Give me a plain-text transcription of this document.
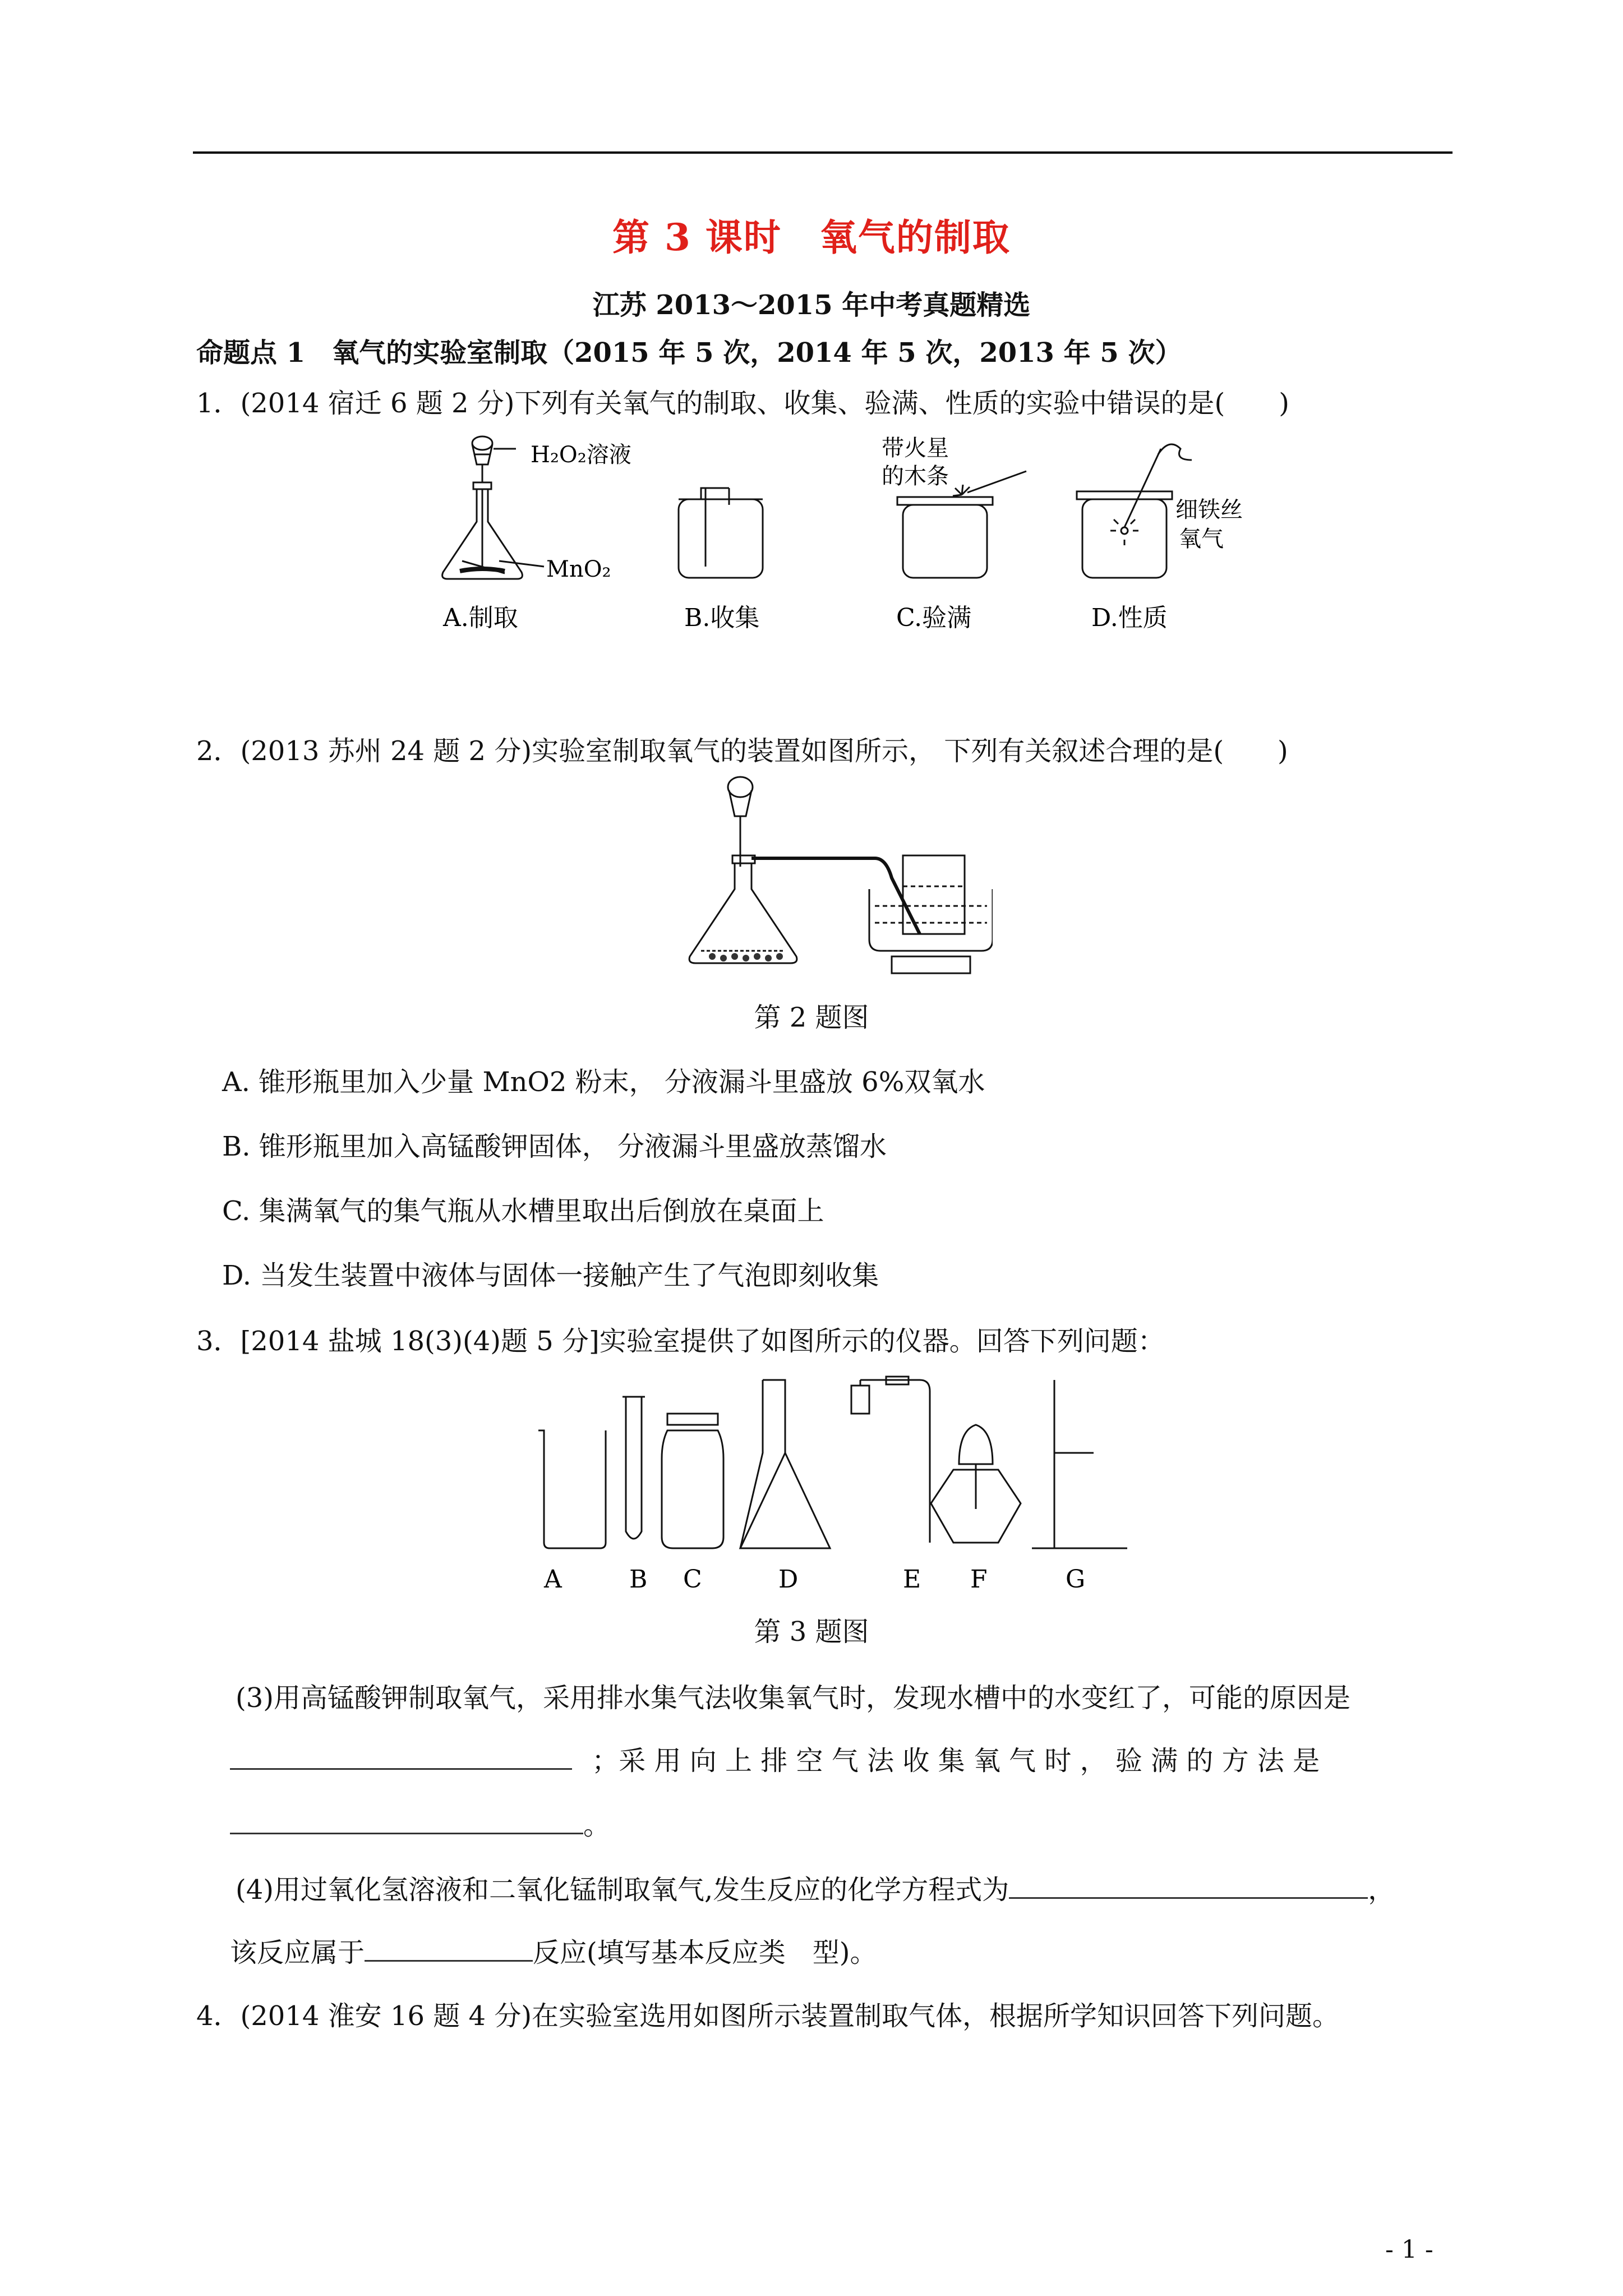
第 3 课时　氧气的制取
江苏 2013～2015 年中考真题精选
命题点 1　氧气的实验室制取（2015 年 5 次，2014 年 5 次，2013 年 5 次）
1．(2014 宿迁 6 题 2 分)下列有关氧气的制取、收集、验满、性质的实验中错误的是(　　)
H₂O₂溶液
MnO₂
带火星
的木条
细铁丝
氧气
A.制取	B.收集	C.验满	D.性质
2．(2013 苏州 24 题 2 分)实验室制取氧气的装置如图所示， 下列有关叙述合理的是(　　)
第 2 题图
A. 锥形瓶里加入少量 MnO2 粉末， 分液漏斗里盛放 6%双氧水
B. 锥形瓶里加入高锰酸钾固体， 分液漏斗里盛放蒸馏水
C. 集满氧气的集气瓶从水槽里取出后倒放在桌面上
D. 当发生装置中液体与固体一接触产生了气泡即刻收集
3．[2014 盐城 18(3)(4)题 5 分]实验室提供了如图所示的仪器。回答下列问题：
A	B C	D	E F	G
第 3 题图
(3)用高锰酸钾制取氧气，采用排水集气法收集氧气时，发现水槽中的水变红了，可能的原因是
；采 用 向 上 排 空 气 法 收 集 氧 气 时 ， 验 满 的 方 法 是
。
(4)用过氧化氢溶液和二氧化锰制取氧气,发生反应的化学方程式为	，
该反应属于	反应(填写基本反应类　型)。
4．(2014 淮安 16 题 4 分)在实验室选用如图所示装置制取气体，根据所学知识回答下列问题。
- 1 -
